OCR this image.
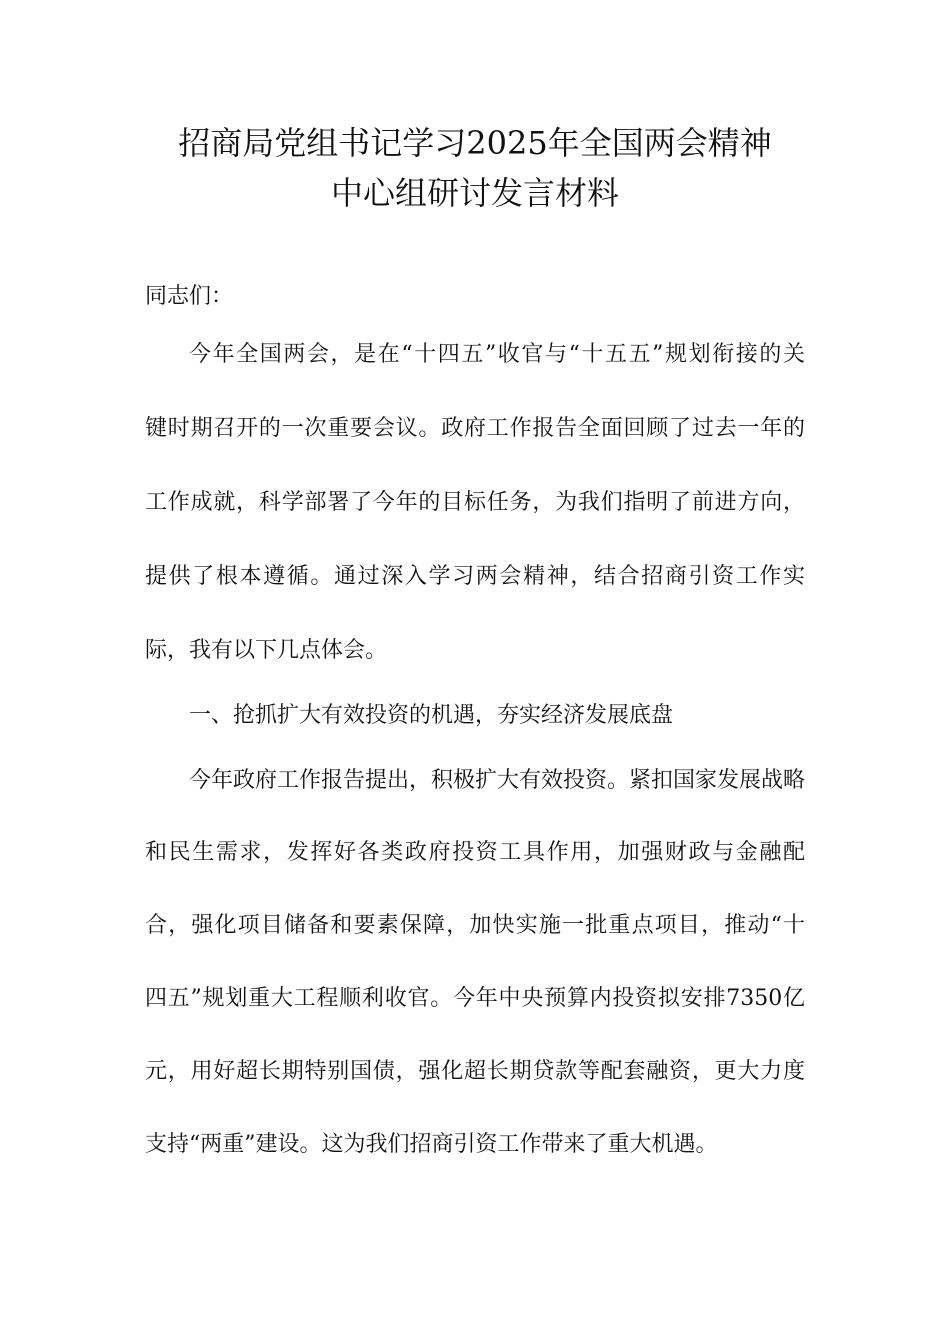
招商局党组书记学习2025年全国两会精神
中心组研讨发言材料
同志们：
今年全国两会，是在“十四五”收官与“十五五”规划衔接的关
键时期召开的一次重要会议。政府工作报告全面回顾了过去一年的
工作成就，科学部署了今年的目标任务，为我们指明了前进方向，
提供了根本遵循。通过深入学习两会精神，结合招商引资工作实
际，我有以下几点体会。
一、抢抓扩大有效投资的机遇，夯实经济发展底盘
今年政府工作报告提出，积极扩大有效投资。紧扣国家发展战略
和民生需求，发挥好各类政府投资工具作用，加强财政与金融配
合，强化项目储备和要素保障，加快实施一批重点项目，推动“十
四五”规划重大工程顺利收官。今年中央预算内投资拟安排7350亿
元，用好超长期特别国债，强化超长期贷款等配套融资，更大力度
支持“两重”建设。这为我们招商引资工作带来了重大机遇。
